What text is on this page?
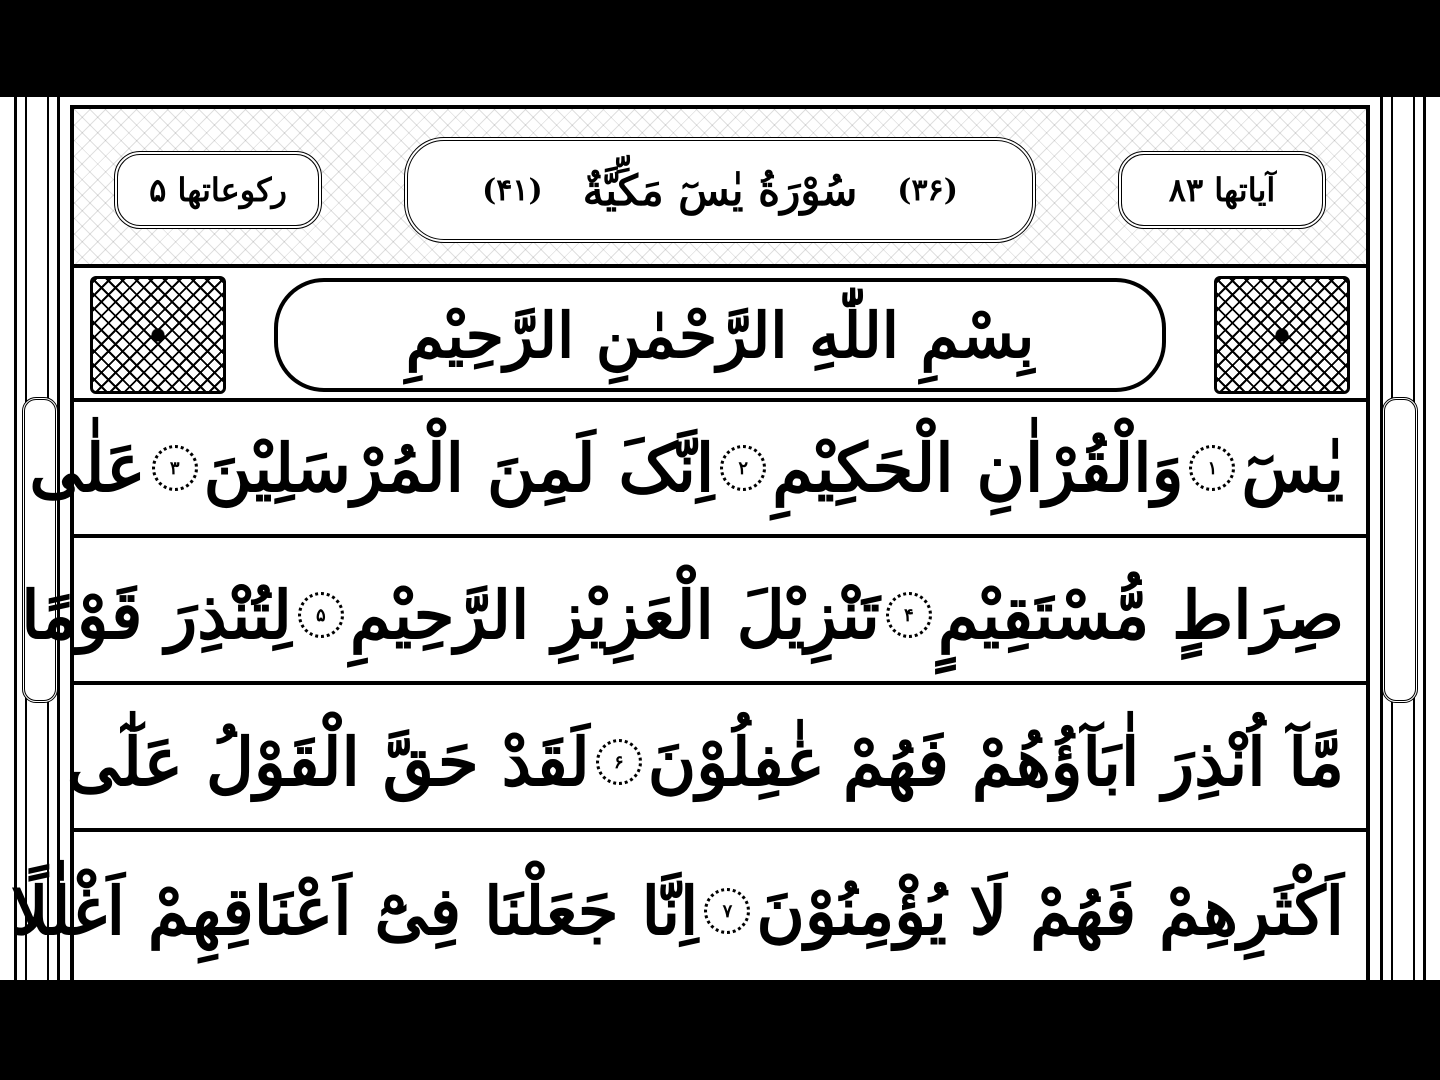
آیاتها ۸۳
(۳۶)
سُوْرَةُ یٰسٓ مَکِّیَّةٌ
(۴۱)
رکوعاتها ۵
بِسْمِ اللّٰهِ الرَّحْمٰنِ الرَّحِیْمِ
یٰسٓ
۱
وَالْقُرْاٰنِ الْحَکِیْمِ
۲
اِنَّکَ لَمِنَ الْمُرْسَلِیْنَ
۳
عَلٰی
صِرَاطٍ مُّسْتَقِیْمٍ
۴
تَنْزِیْلَ الْعَزِیْزِ الرَّحِیْمِ
۵
لِتُنْذِرَ قَوْمًا
مَّآ اُنْذِرَ اٰبَآؤُهُمْ فَهُمْ غٰفِلُوْنَ
۶
لَقَدْ حَقَّ الْقَوْلُ عَلٰٓی
اَکْثَرِهِمْ فَهُمْ لَا یُؤْمِنُوْنَ
۷
اِنَّا جَعَلْنَا فِیْٓ اَعْنَاقِهِمْ اَغْلٰلًا
